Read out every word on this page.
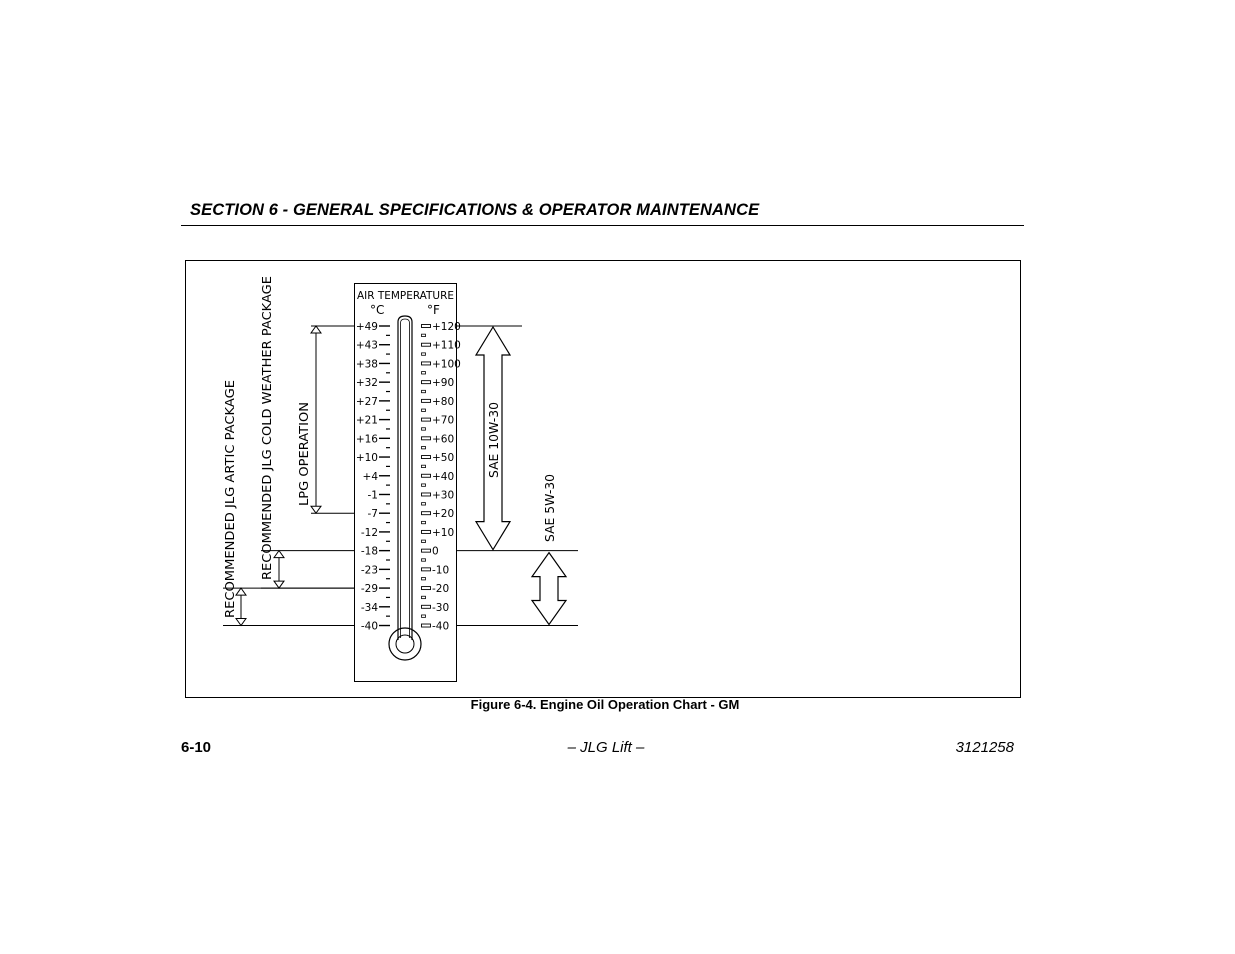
SECTION 6 - GENERAL SPECIFICATIONS & OPERATOR MAINTENANCE
+49
+43
+38
+32
+27
+21
+16
+10
+4
-1
-7
-12
-18
-23
-29
-34
-40
+120
+110
+100
+90
+80
+70
+60
+50
+40
+30
+20
+10
0
-10
-20
-30
-40
AIR TEMPERATURE
°C	°F
RECOMMENDED JLG ARTIC PACKAGE RECOMMENDED JLG COLD WEATHER PACKAGE LPG OPERATION	SAE 10W-30
SAE 5W-30
Figure 6-4. Engine Oil Operation Chart - GM
6-10	– JLG Lift –	3121258
